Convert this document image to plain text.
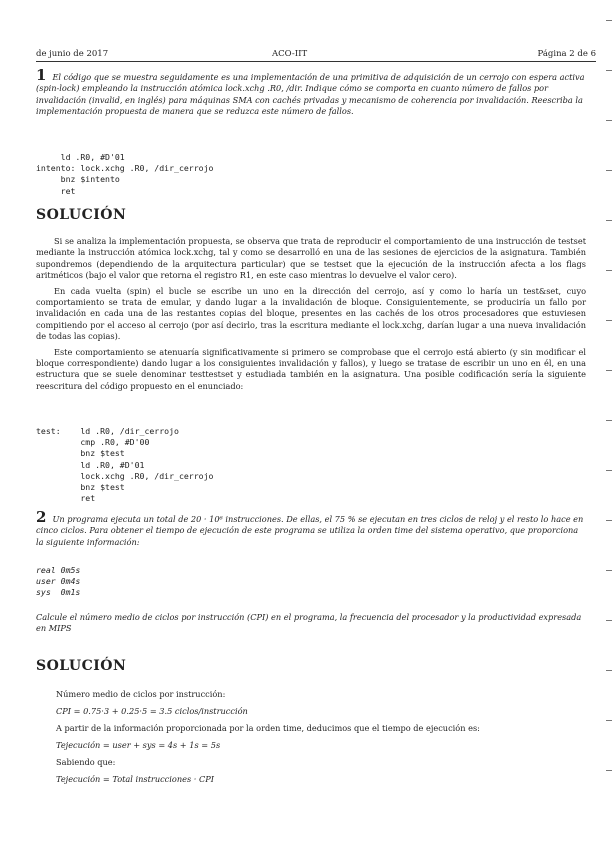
de junio de 2017	ACO-IIT	Página 2 de 6
1 El código que se muestra seguidamente es una implementación de una primitiva de adquisición de un cerrojo con espera activa (spin-lock) empleando la instrucción atómica lock.xchg .R0, /dir. Indique cómo se comporta en cuanto número de fallos por invalidación (invalid, en inglés) para máquinas SMA con cachés privadas y mecanismo de coherencia por invalidación. Reescriba la implementación propuesta de manera que se reduzca este número de fallos.
ld .R0, #D'01
intento: lock.xchg .R0, /dir_cerrojo
bnz $intento
ret
SOLUCIÓN

Si se analiza la implementación propuesta, se observa que trata de reproducir el comportamiento de una instrucción de testset mediante la instrucción atómica lock.xchg, tal y como se desarrolló en una de las sesiones de ejercicios de la asignatura. También supondremos (dependiendo de la arquitectura particular) que se testset que la ejecución de la instrucción afecta a los flags aritméticos (bajo el valor que retorna el registro R1, en este caso mientras lo devuelve el valor cero).

En cada vuelta (spin) el bucle se escribe un uno en la dirección del cerrojo, así y como lo haría un test&set, cuyo comportamiento se trata de emular, y dando lugar a la invalidación de bloque. Consiguientemente, se produciría un fallo por invalidación en cada una de las restantes copias del bloque, presentes en las cachés de los otros procesadores que estuviesen compitiendo por el acceso al cerrojo (por así decirlo, tras la escritura mediante el lock.xchg, darían lugar a una nueva invalidación de todas las copias).

Este comportamiento se atenuaría significativamente si primero se comprobase que el cerrojo está abierto (y sin modificar el bloque correspondiente) dando lugar a los consiguientes invalidación y fallos), y luego se tratase de escribir un uno en él, en una estructura que se suele denominar testtestset y estudiada también en la asignatura. Una posible codificación sería la siguiente reescritura del código propuesto en el enunciado:

test:    ld .R0, /dir_cerrojo
cmp .R0, #D'00
bnz $test
ld .R0, #D'01
lock.xchg .R0, /dir_cerrojo
bnz $test
ret
2 Un programa ejecuta un total de 20 · 10⁶ instrucciones. De ellas, el 75 % se ejecutan en tres ciclos de reloj y el resto lo hace en cinco ciclos. Para obtener el tiempo de ejecución de este programa se utiliza la orden time del sistema operativo, que proporciona la siguiente información:
real 0m5s
user 0m4s
sys  0m1s
Calcule el número medio de ciclos por instrucción (CPI) en el programa, la frecuencia del procesador y la productividad expresada en MIPS
SOLUCIÓN
Número medio de ciclos por instrucción:
CPI = 0.75·3 + 0.25·5 = 3.5 ciclos/instrucción
A partir de la información proporcionada por la orden time, deducimos que el tiempo de ejecución es:
Tejecución = user + sys = 4s + 1s = 5s
Sabiendo que:
Tejecución = Total instrucciones · CPI
